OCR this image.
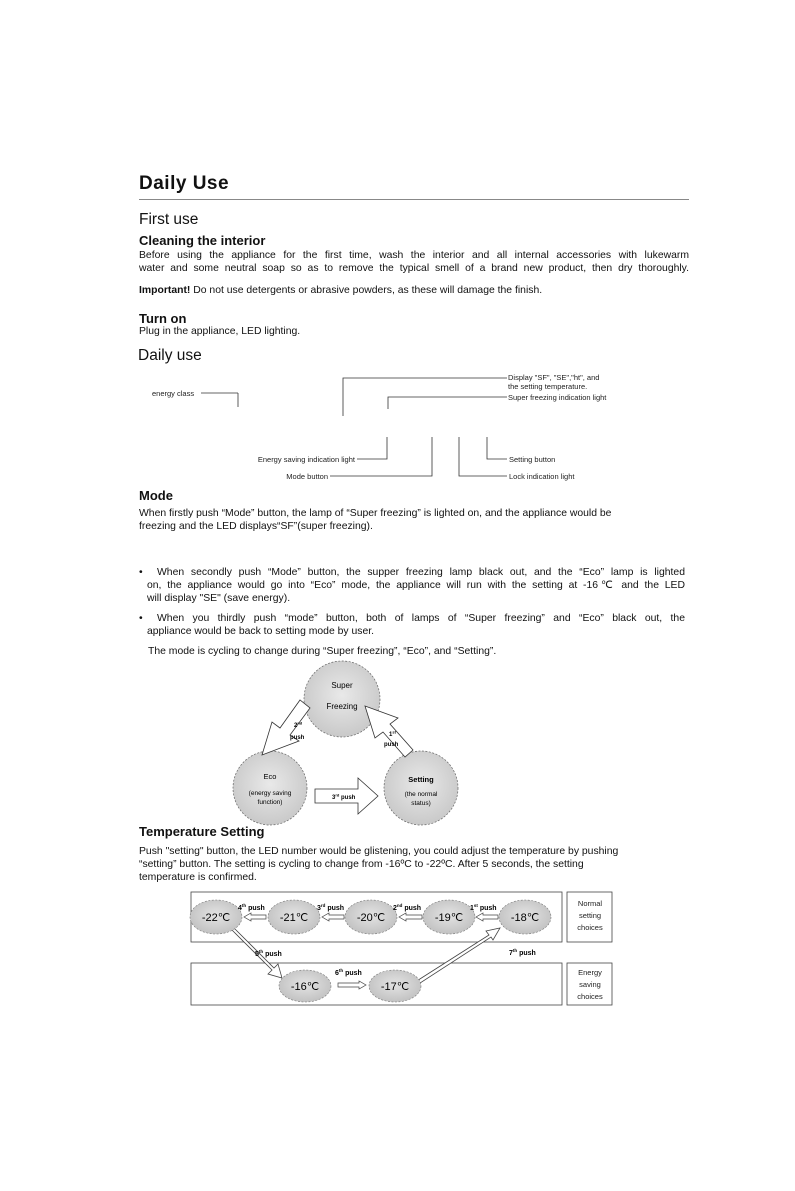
Daily Use
First use
Cleaning the interior
Before using the appliance for the first time, wash the interior and all internal accessories with lukewarm
water and some neutral soap so as to remove the typical smell of a brand new product, then dry thoroughly.
Important! Do not use detergents or abrasive powders, as these will damage the finish.
Turn on
Plug in the appliance, LED lighting.
Daily use
energy class
Display "SF", "SE","ht", and
the setting temperature.
Super freezing indication light
Energy saving indication light
Mode button
Setting button
Lock indication light
Mode
When firstly push “Mode” button, the lamp of “Super freezing” is lighted on, and the appliance would be
freezing and the LED displays“SF”(super freezing).
•	When secondly push “Mode” button, the supper freezing lamp black out, and the “Eco” lamp is lighted
on, the appliance would go into “Eco” mode, the appliance will run with the setting at -16℃ and the LED
will display "SE" (save energy).
•	When you thirdly push “mode” button, both of lamps of “Super freezing” and “Eco” black out, the
appliance would be back to setting mode by user.
The mode is cycling to change during “Super freezing”, “Eco”, and “Setting”.
Super
Freezing
Eco
(energy saving
function)
Setting
(the normal
status)
2nd
push	1st
push
3rd push
Temperature Setting
Push "setting" button, the LED number would be glistening, you could adjust the temperature by pushing
“setting” button. The setting is cycling to change from -16ºC to -22ºC. After 5 seconds, the setting
temperature is confirmed.
Normal
setting
choices
Energy
saving
choices
-22℃	-21℃	-20℃	-19℃	-18℃
-16℃	-17℃
1st push
2nd push
3rd push
4th push
5th push
6th push
7th push
